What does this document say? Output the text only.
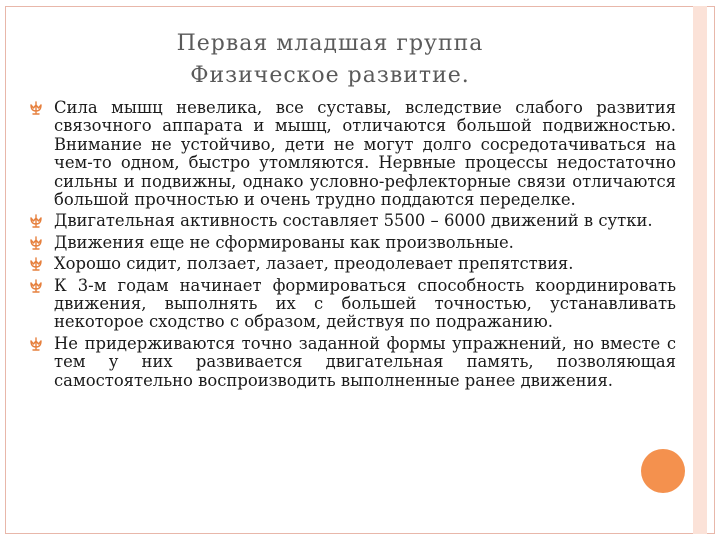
Первая младшая группа
Физическое развитие.
Сила мышц невелика, все суставы, вследствие слабого развития связочного аппарата и мышц, отличаются большой подвижностью. Внимание не устойчиво, дети не могут долго сосредотачиваться на чем-то одном, быстро утомляются. Нервные процессы недостаточно сильны и подвижны, однако условно-рефлекторные связи отличаются большой прочностью и очень трудно поддаются переделке.
Двигательная активность составляет 5500 – 6000 движений в сутки.
Движения еще не сформированы как произвольные.
Хорошо сидит, ползает, лазает, преодолевает препятствия.
К 3-м годам начинает формироваться способность координировать движения, выполнять их с большей точностью, устанавливать некоторое сходство с образом, действуя по подражанию.
Не придерживаются точно заданной формы упражнений, но вместе с тем у них развивается двигательная память, позволяющая самостоятельно воспроизводить выполненные ранее движения.
